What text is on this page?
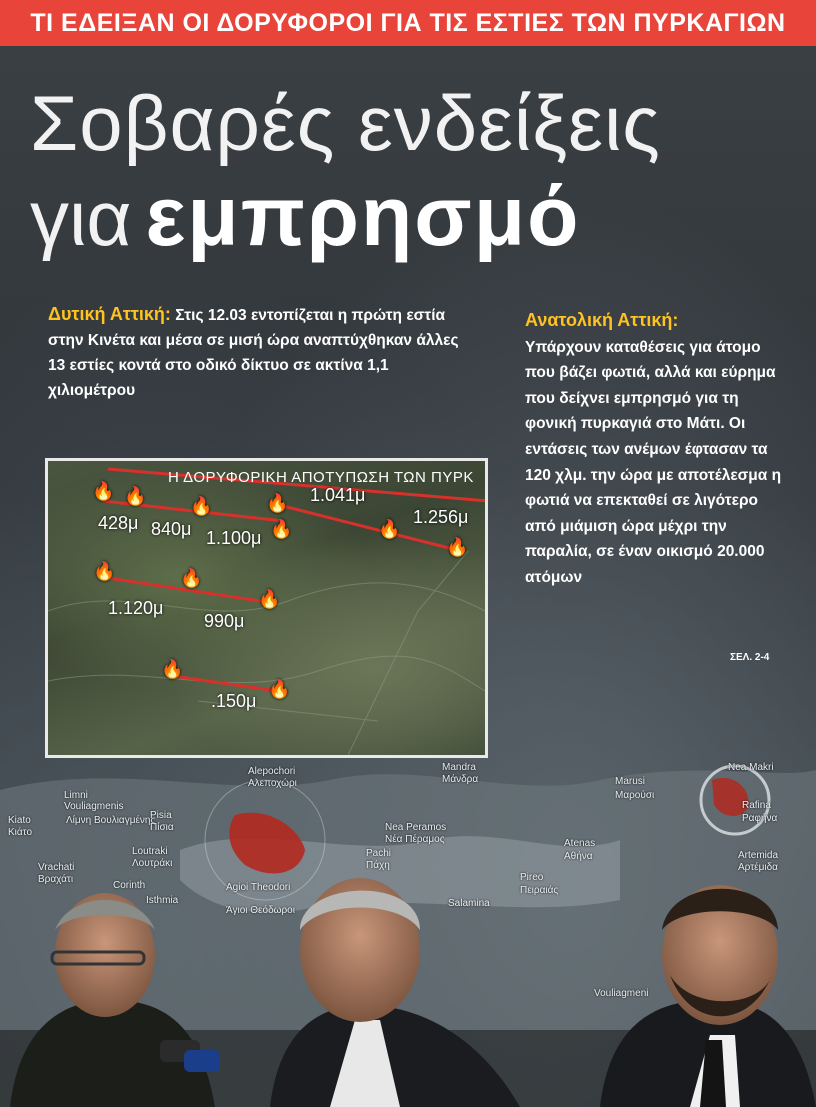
ΤΙ ΕΔΕΙΞΑΝ ΟΙ ΔΟΡΥΦΟΡΟΙ ΓΙΑ ΤΙΣ ΕΣΤΙΕΣ ΤΩΝ ΠΥΡΚΑΓΙΩΝ
Σοβαρές ενδείξεις
για εμπρησμό
Δυτική Αττική: Στις 12.03 εντοπίζεται η πρώτη εστία στην Κινέτα και μέσα σε μισή ώρα αναπτύχθηκαν άλλες 13 εστίες κοντά στο οδικό δίκτυο σε ακτίνα 1,1 χιλιομέτρου
Ανατολική Αττική:
Υπάρχουν καταθέσεις για άτομο που βάζει φωτιά, αλλά και εύρημα που δείχνει εμπρησμό για τη φονική πυρκαγιά στο Μάτι. Οι εντάσεις των ανέμων έφτασαν τα 120 χλμ. την ώρα με αποτέλεσμα η φωτιά να επεκταθεί σε λιγότερο από μιάμιση ώρα μέχρι την παραλία, σε έναν οικισμό 20.000 ατόμων
ΣΕΛ. 2-4
Alepochori
Αλεποχώρι
Limni Vouliagmenis
Λίμνη Βουλιαγμένης
Kiato
Κιάτο
Pisia
Πίσια
Vrachati
Βραχάτι
Loutraki
Λουτράκι
Corinth
Isthmia
Agioi Theodori
Άγιοι Θεόδωροι
Nea Peramos
Νέα Πέραμος
Pachi
Πάχη
Salamina
Pireo
Πειραιάς
Atenas
Αθήνα
Marusi
Μαρούσι
Nea Makri
Rafina
Ραφήνα
Artemida
Αρτέμιδα
Mandra
Μάνδρα
Vouliagmeni
Η ΔΟΡΥΦΟΡΙΚΗ ΑΠΟΤΥΠΩΣΗ ΤΩΝ ΠΥΡΚ
428μ 840μ 1.100μ
1.041μ
1.256μ
1.120μ
990μ
.150μ
🔥 🔥 🔥	🔥
🔥	🔥
🔥
🔥	🔥
🔥
🔥
🔥
